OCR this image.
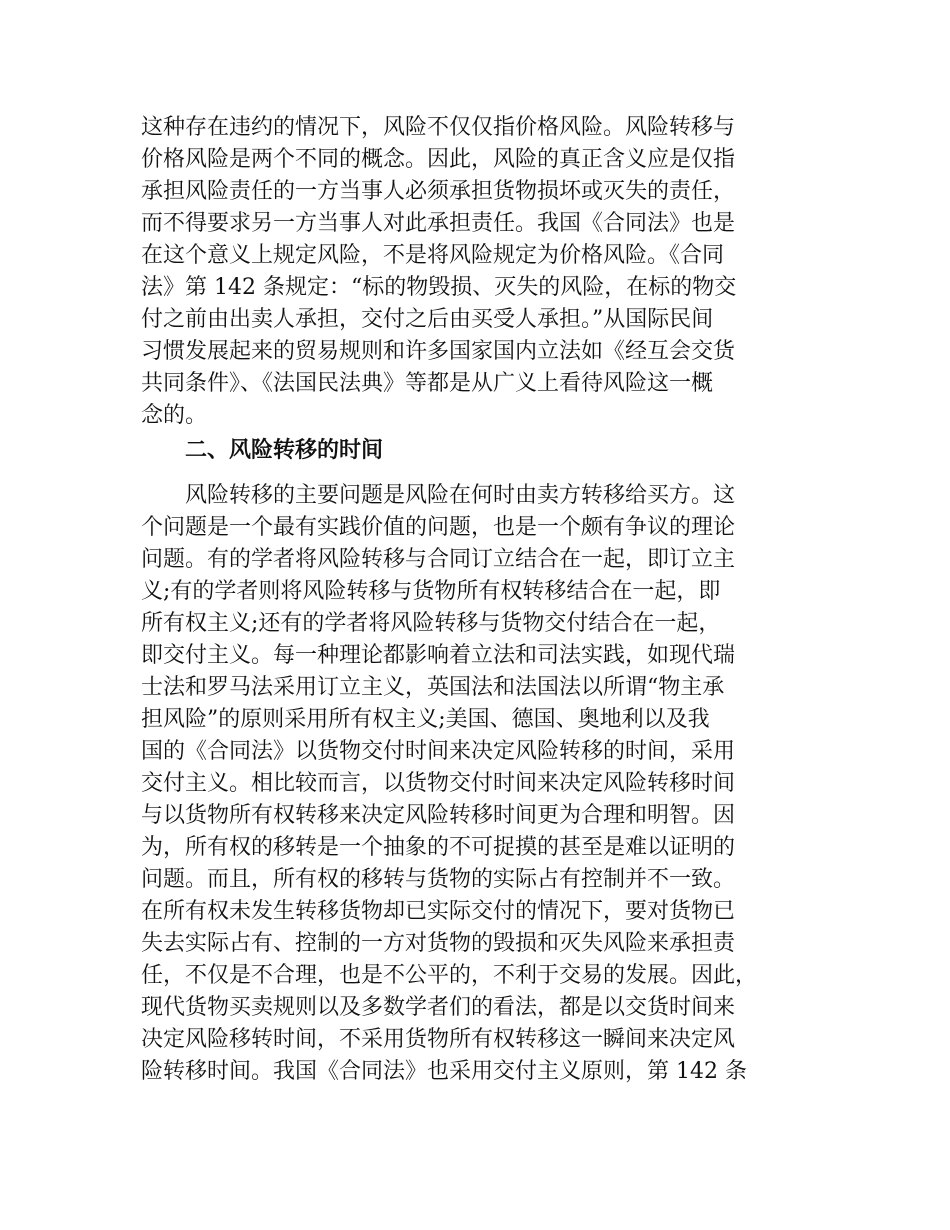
这种存在违约的情况下，风险不仅仅指价格风险。风险转移与
价格风险是两个不同的概念。因此，风险的真正含义应是仅指
承担风险责任的一方当事人必须承担货物损坏或灭失的责任，
而不得要求另一方当事人对此承担责任。我国《合同法》也是
在这个意义上规定风险，不是将风险规定为价格风险。《合同
法》第 142 条规定：“标的物毁损、灭失的风险，在标的物交
付之前由出卖人承担，交付之后由买受人承担。”从国际民间
习惯发展起来的贸易规则和许多国家国内立法如《经互会交货
共同条件》、《法国民法典》等都是从广义上看待风险这一概
念的。
二、风险转移的时间
风险转移的主要问题是风险在何时由卖方转移给买方。这
个问题是一个最有实践价值的问题，也是一个颇有争议的理论
问题。有的学者将风险转移与合同订立结合在一起，即订立主
义;有的学者则将风险转移与货物所有权转移结合在一起，即
所有权主义;还有的学者将风险转移与货物交付结合在一起，
即交付主义。每一种理论都影响着立法和司法实践，如现代瑞
士法和罗马法采用订立主义，英国法和法国法以所谓“物主承
担风险”的原则采用所有权主义;美国、德国、奥地利以及我
国的《合同法》以货物交付时间来决定风险转移的时间，采用
交付主义。相比较而言，以货物交付时间来决定风险转移时间
与以货物所有权转移来决定风险转移时间更为合理和明智。因
为，所有权的移转是一个抽象的不可捉摸的甚至是难以证明的
问题。而且，所有权的移转与货物的实际占有控制并不一致。
在所有权未发生转移货物却已实际交付的情况下，要对货物已
失去实际占有、控制的一方对货物的毁损和灭失风险来承担责
任，不仅是不合理，也是不公平的，不利于交易的发展。因此，
现代货物买卖规则以及多数学者们的看法，都是以交货时间来
决定风险移转时间，不采用货物所有权转移这一瞬间来决定风
险转移时间。我国《合同法》也采用交付主义原则，第 142 条
